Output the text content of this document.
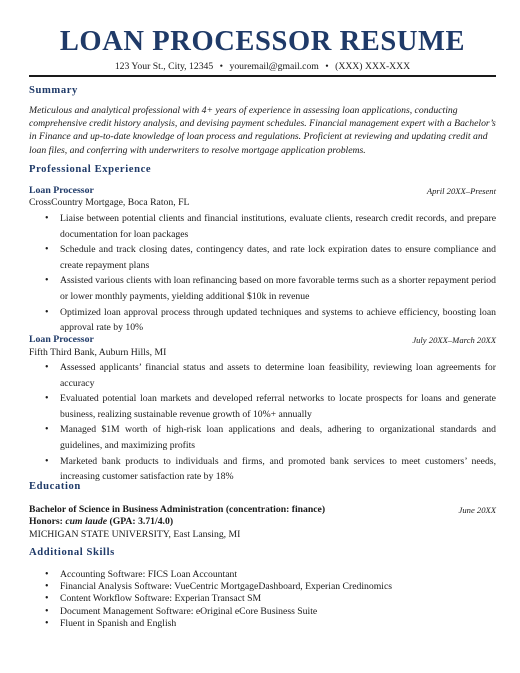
LOAN PROCESSOR RESUME
123 Your St., City, 12345 • youremail@gmail.com • (XXX) XXX-XXX
Summary

Meticulous and analytical professional with 4+ years of experience in assessing loan applications, conducting comprehensive credit history analysis, and devising payment schedules. Financial management expert with a Bachelor’s in Finance and up-to-date knowledge of loan process and regulations. Proficient at reviewing and updating credit and loan files, and conferring with underwriters to resolve mortgage application problems.

Professional Experience
Loan Processor	April 20XX–Present
CrossCountry Mortgage, Boca Raton, FL
• Liaise between potential clients and financial institutions, evaluate clients, research credit records, and prepare documentation for loan packages
• Schedule and track closing dates, contingency dates, and rate lock expiration dates to ensure compliance and create repayment plans
• Assisted various clients with loan refinancing based on more favorable terms such as a shorter repayment period or lower monthly payments, yielding additional $10k in revenue
• Optimized loan approval process through updated techniques and systems to achieve efficiency, boosting loan approval rate by 10%
Loan Processor	July 20XX–March 20XX
Fifth Third Bank, Auburn Hills, MI
• Assessed applicants’ financial status and assets to determine loan feasibility, reviewing loan agreements for accuracy
• Evaluated potential loan markets and developed referral networks to locate prospects for loans and generate business, realizing sustainable revenue growth of 10%+ annually
• Managed $1M worth of high-risk loan applications and deals, adhering to organizational standards and guidelines, and maximizing profits
• Marketed bank products to individuals and firms, and promoted bank services to meet customers’ needs, increasing customer satisfaction rate by 18%
Education
Bachelor of Science in Business Administration (concentration: finance)	June 20XX
Honors: cum laude (GPA: 3.71/4.0)
MICHIGAN STATE UNIVERSITY, East Lansing, MI
Additional Skills
• Accounting Software: FICS Loan Accountant
• Financial Analysis Software: VueCentric MortgageDashboard, Experian Credinomics
• Content Workflow Software: Experian Transact SM
• Document Management Software: eOriginal eCore Business Suite
• Fluent in Spanish and English
